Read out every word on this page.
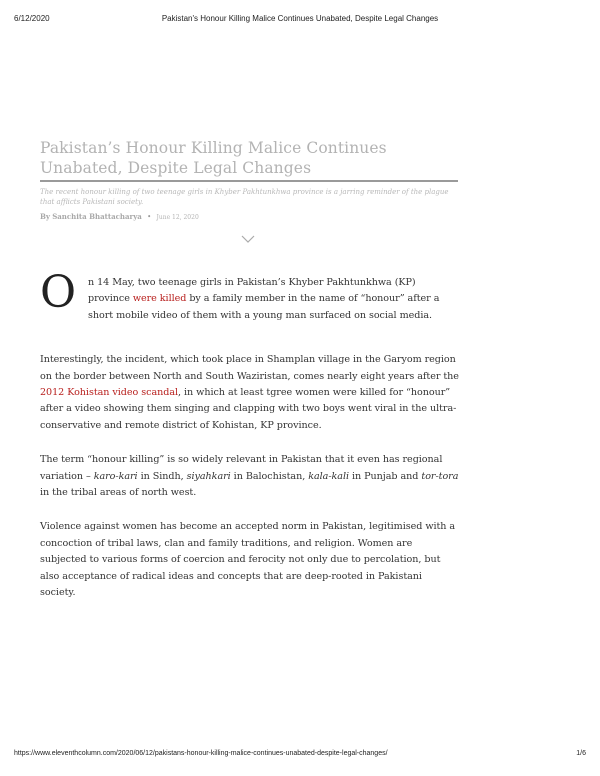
6/12/2020	Pakistan's Honour Killing Malice Continues Unabated, Despite Legal Changes
Pakistan’s Honour Killing Malice Continues Unabated, Despite Legal Changes

The recent honour killing of two teenage girls in Khyber Pakhtunkhwa province is a jarring reminder of the plague that afflicts Pakistani society.

By Sanchita Bhattacharya • June 12, 2020

O n 14 May, two teenage girls in Pakistan’s Khyber Pakhtunkhwa (KP) province were killed by a family member in the name of “honour” after a short mobile video of them with a young man surfaced on social media.

Interestingly, the incident, which took place in Shamplan village in the Garyom region on the border between North and South Waziristan, comes nearly eight years after the 2012 Kohistan video scandal, in which at least tgree women were killed for “honour” after a video showing them singing and clapping with two boys went viral in the ultra-conservative and remote district of Kohistan, KP province.

The term “honour killing” is so widely relevant in Pakistan that it even has regional variation – karo-kari in Sindh, siyahkari in Balochistan, kala-kali in Punjab and tor-tora in the tribal areas of north west.

Violence against women has become an accepted norm in Pakistan, legitimised with a concoction of tribal laws, clan and family traditions, and religion. Women are subjected to various forms of coercion and ferocity not only due to percolation, but also acceptance of radical ideas and concepts that are deep-rooted in Pakistani society.

https://www.eleventhcolumn.com/2020/06/12/pakistans-honour-killing-malice-continues-unabated-despite-legal-changes/	1/6
